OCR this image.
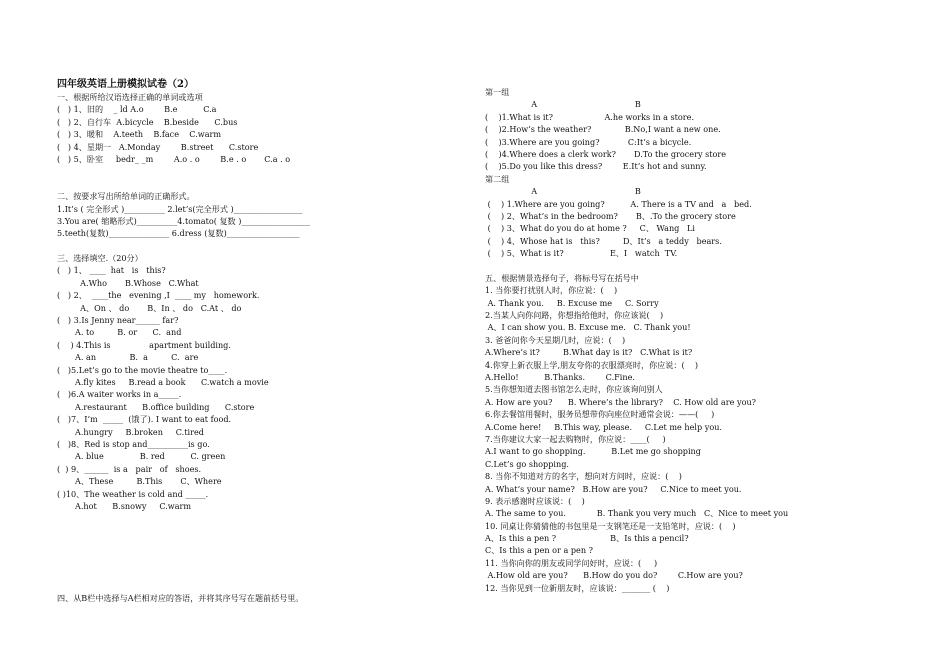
四年级英语上册模拟试卷（2）
一、根据所给汉语选择正确的单词或选项
(   ) 1、旧的    _ ld A.o        B.e          C.a
(   ) 2、自行车  A.bicycle    B.beside      C.bus
(   ) 3、暖和    A.teeth    B.face    C.warm
(   ) 4、星期一   A.Monday        B.street      C.store
(   ) 5、卧室     bedr_ _m        A.o . o        B.e . o       C.a . o
二、按要求写出所给单词的正确形式。
1.It’s ( 完全形式 )__________ 2.let’s(完全形式 )_________________
3.You are( 缩略形式)__________4.tomato( 复数 )_________________
5.teeth(复数)_______________ 6.dress (复数)__________________
三、选择填空.（20分）
(   ) 1、 ____  hat   is   this?
A.Who       B.Whose   C.What
(   ) 2、  ____the   evening ,I  ____ my   homework.
A、On 、 do       B、In 、 do   C.At 、 do
(   ) 3.Is Jenny near______ far?
A. to         B. or      C.  and
(    ) 4.This is               apartment building.
A. an             B.  a         C.  are
(   )5.Let’s go to the movie theatre to____.
A.fly kites     B.read a book      C.watch a movie
(   )6.A waiter works in a_____.
A.restaurant      B.office building      C.store
(   )7、I’m  _____  (饿了). I want to eat food.
A.hungry     B.broken     C.tired
(   )8、Red is stop and__________is go.
A. blue              B. red          C. green
(  ) 9、______  is a   pair   of   shoes.
A、These         B.This       C、Where
( )10、The weather is cold and _____.
A.hot      B.snowy     C.warm
四、从B栏中选择与A栏相对应的答语，并将其序号写在题前括号里。
第一组
A                                      B
(    )1.What is it?                    A.he works in a store.
(    )2.How’s the weather?             B.No,I want a new one.
(    )3.Where are you going?           C:It’s a bicycle.
(    )4.Where does a clerk work?       D.To the grocery store
(    )5.Do you like this dress?        E.It’s hot and sunny.
第二组
A                                      B
(    ) 1.Where are you going?          A. There is a TV and   a   bed.
(    ) 2、What’s in the bedroom?       B、.To the grocery store
(    ) 3、What do you do at home ?     C、 Wang   Li
(    ) 4、Whose hat is   this?         D、It’s   a teddy   bears.
(    ) 5、What is it?                  E、I   watch  TV.
五、根据情景选择句子，将标号写在括号中
1. 当你要打扰别人时，你应说：(    )
A. Thank you.     B. Excuse me     C. Sorry
2.当某人向你问路，你想指给他时，你应该说(    )
A、I can show you. B. Excuse me.   C. Thank you!
3. 爸爸问你今天星期几时，应说：(    )
A.Where’s it?         B.What day is it?   C.What is it?
4.你穿上新衣服上学,朋友夸你的衣服漂亮时，你应说：(    )
A.Hello!          B.Thanks.        C.Fine.
5.当你想知道去图书馆怎么走时，你应该询问别人
A. How are you?      B. Where’s the library?    C. How old are you?
6.你去餐馆用餐时，服务员想带你向座位时通常会说：——(     )
A.Come here!     B.This way, please.     C.Let me help you.
7.当你建议大家一起去购物时，你应说：____(     )
A.I want to go shopping.          B.Let me go shopping
C.Let’s go shopping.
8. 当你不知道对方的名字，想向对方问时，应说：(    )
A. What’s your name?   B.How are you?     C.Nice to meet you.
9. 表示感谢时应该说：(    )
A. The same to you.            B. Thank you very much   C、Nice to meet you
10. 同桌让你猜猜他的书包里是一支钢笔还是一支铅笔时，应说：(    )
A、Is this a pen ?                     B、Is this a pencil?
C、Is this a pen or a pen ?
11. 当你向你的朋友或同学问好时，应说：(     )
A.How old are you?      B.How do you do?        C.How are you?
12. 当你见到一位新朋友时，应该说：_______ (    )
